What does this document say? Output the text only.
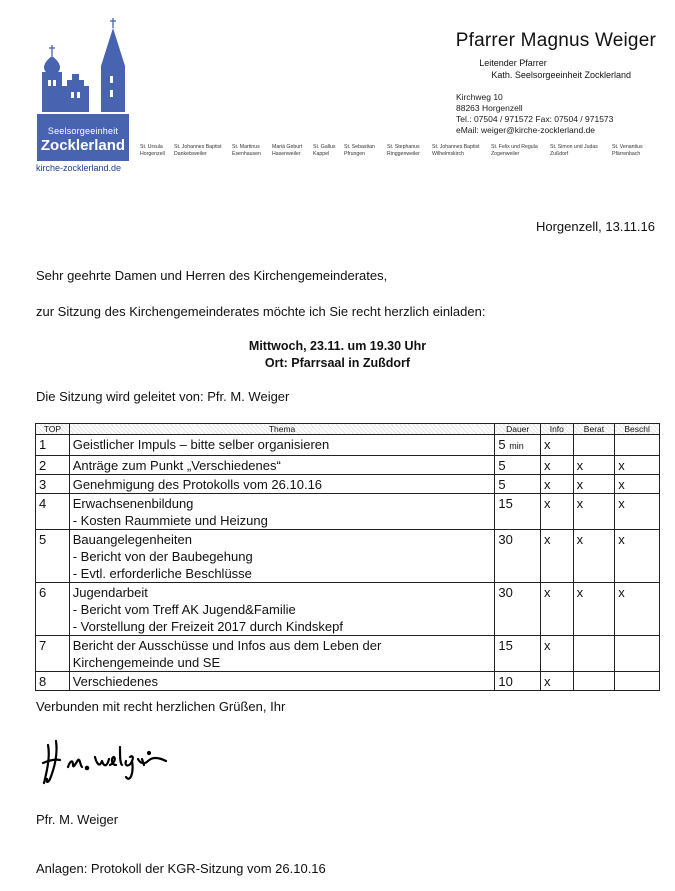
Seelsorgeeinheit
Zocklerland
kirche-zocklerland.de
St. Ursula
Horgenzell
St. Johannes Baptist
Danketsweiler
St. Martinus
Esenhausen
Mariä Geburt
Hasenweiler
St. Gallus
Kappel
St. Sebastian
Pfrungen
St. Stephanus
Ringgenweiler
St. Johannes Baptist
Wilhelmskirch
St. Felix und Regula
Zogenweiler
St. Simon und Judas
Zußdorf
St. Venantius
Pfärrenbach
Pfarrer Magnus Weiger
Leitender Pfarrer
Kath. Seelsorgeeinheit Zocklerland
Kirchweg 10
88263 Horgenzell
Tel.: 07504 / 971572 Fax: 07504 / 971573
eMail: weiger@kirche-zocklerland.de
Horgenzell, 13.11.16
Sehr geehrte Damen und Herren des Kirchengemeinderates,
zur Sitzung des Kirchengemeinderates möchte ich Sie recht herzlich einladen:
Mittwoch, 23.11. um 19.30 Uhr
Ort: Pfarrsaal in Zußdorf
Die Sitzung wird geleitet von: Pfr. M. Weiger
TOP	Thema	Dauer	Info	Berat	Beschl
1	Geistlicher Impuls – bitte selber organisieren	5 min	x		
2	Anträge zum Punkt „Verschiedenes“	5	x	x	x
3	Genehmigung des Protokolls vom 26.10.16	5	x	x	x
4	Erwachsenenbildung
- Kosten Raummiete und Heizung	15	x	x	x
5	Bauangelegenheiten
- Bericht von der Baubegehung
- Evtl. erforderliche Beschlüsse	30	x	x	x
6	Jugendarbeit
- Bericht vom Treff AK Jugend&Familie
- Vorstellung der Freizeit 2017 durch Kindskepf	30	x	x	x
7	Bericht der Ausschüsse und Infos aus dem Leben der
Kirchengemeinde und SE	15	x		
8	Verschiedenes	10	x		
Verbunden mit recht herzlichen Grüßen, Ihr
Pfr. M. Weiger
Anlagen: Protokoll der KGR-Sitzung vom 26.10.16
